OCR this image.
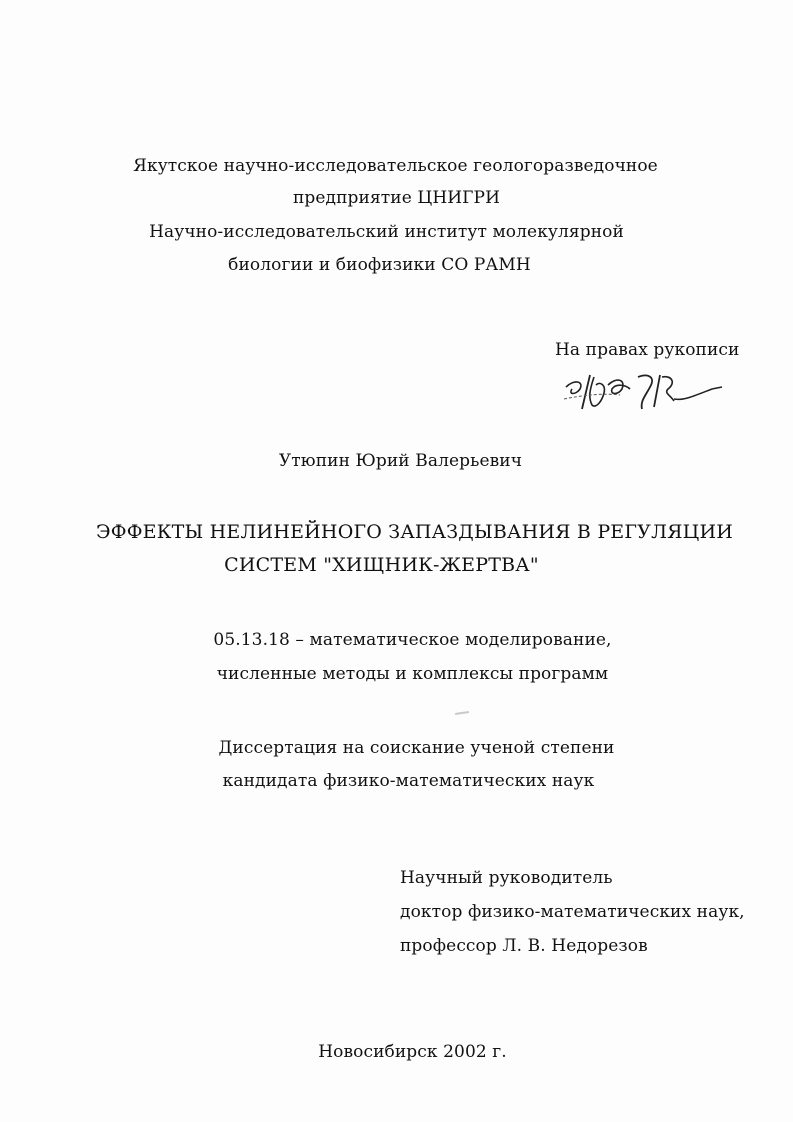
Якутское научно-исследовательское геологоразведочное
предприятие ЦНИГРИ
Научно-исследовательский институт молекулярной
биологии и биофизики СО РАМН
На правах рукописи
Утюпин Юрий Валерьевич
ЭФФЕКТЫ НЕЛИНЕЙНОГО ЗАПАЗДЫВАНИЯ В РЕГУЛЯЦИИ
СИСТЕМ "ХИЩНИК-ЖЕРТВА"
05.13.18 – математическое моделирование,
численные методы и комплексы программ
Диссертация на соискание ученой степени
кандидата физико-математических наук
Научный руководитель
доктор физико-математических наук,
профессор Л. В. Недорезов
Новосибирск 2002 г.
